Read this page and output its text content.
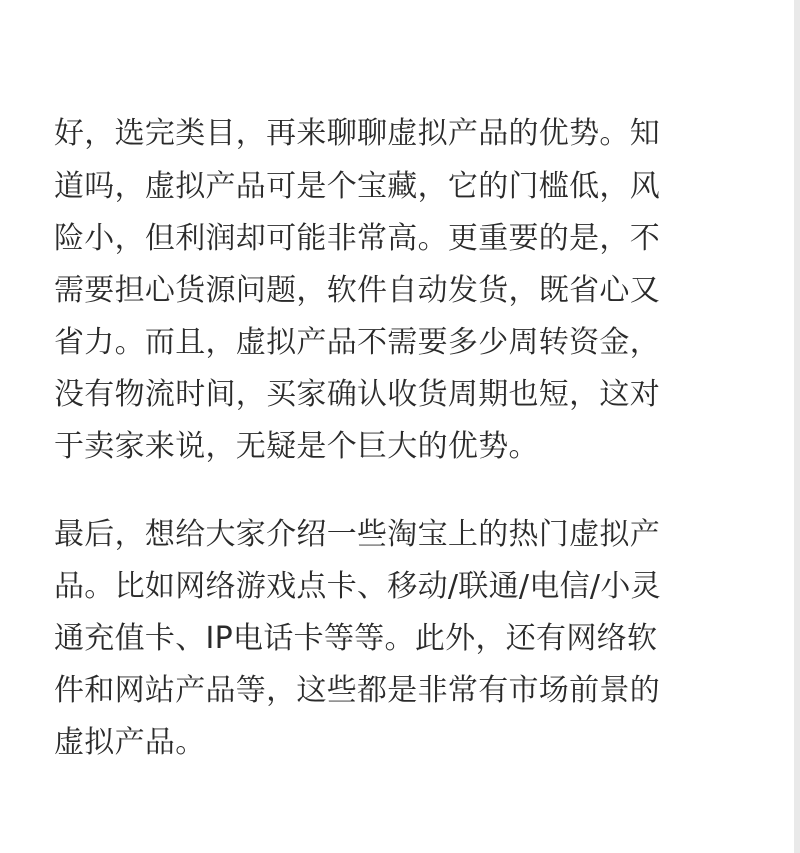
好，选完类目，再来聊聊虚拟产品的优势。知
道吗，虚拟产品可是个宝藏，它的门槛低，风
险小，但利润却可能非常高。更重要的是，不
需要担心货源问题，软件自动发货，既省心又
省力。而且，虚拟产品不需要多少周转资金，
没有物流时间，买家确认收货周期也短，这对
于卖家来说，无疑是个巨大的优势。
最后，想给大家介绍一些淘宝上的热门虚拟产
品。比如网络游戏点卡、移动/联通/电信/小灵
通充值卡、IP电话卡等等。此外，还有网络软
件和网站产品等，这些都是非常有市场前景的
虚拟产品。
